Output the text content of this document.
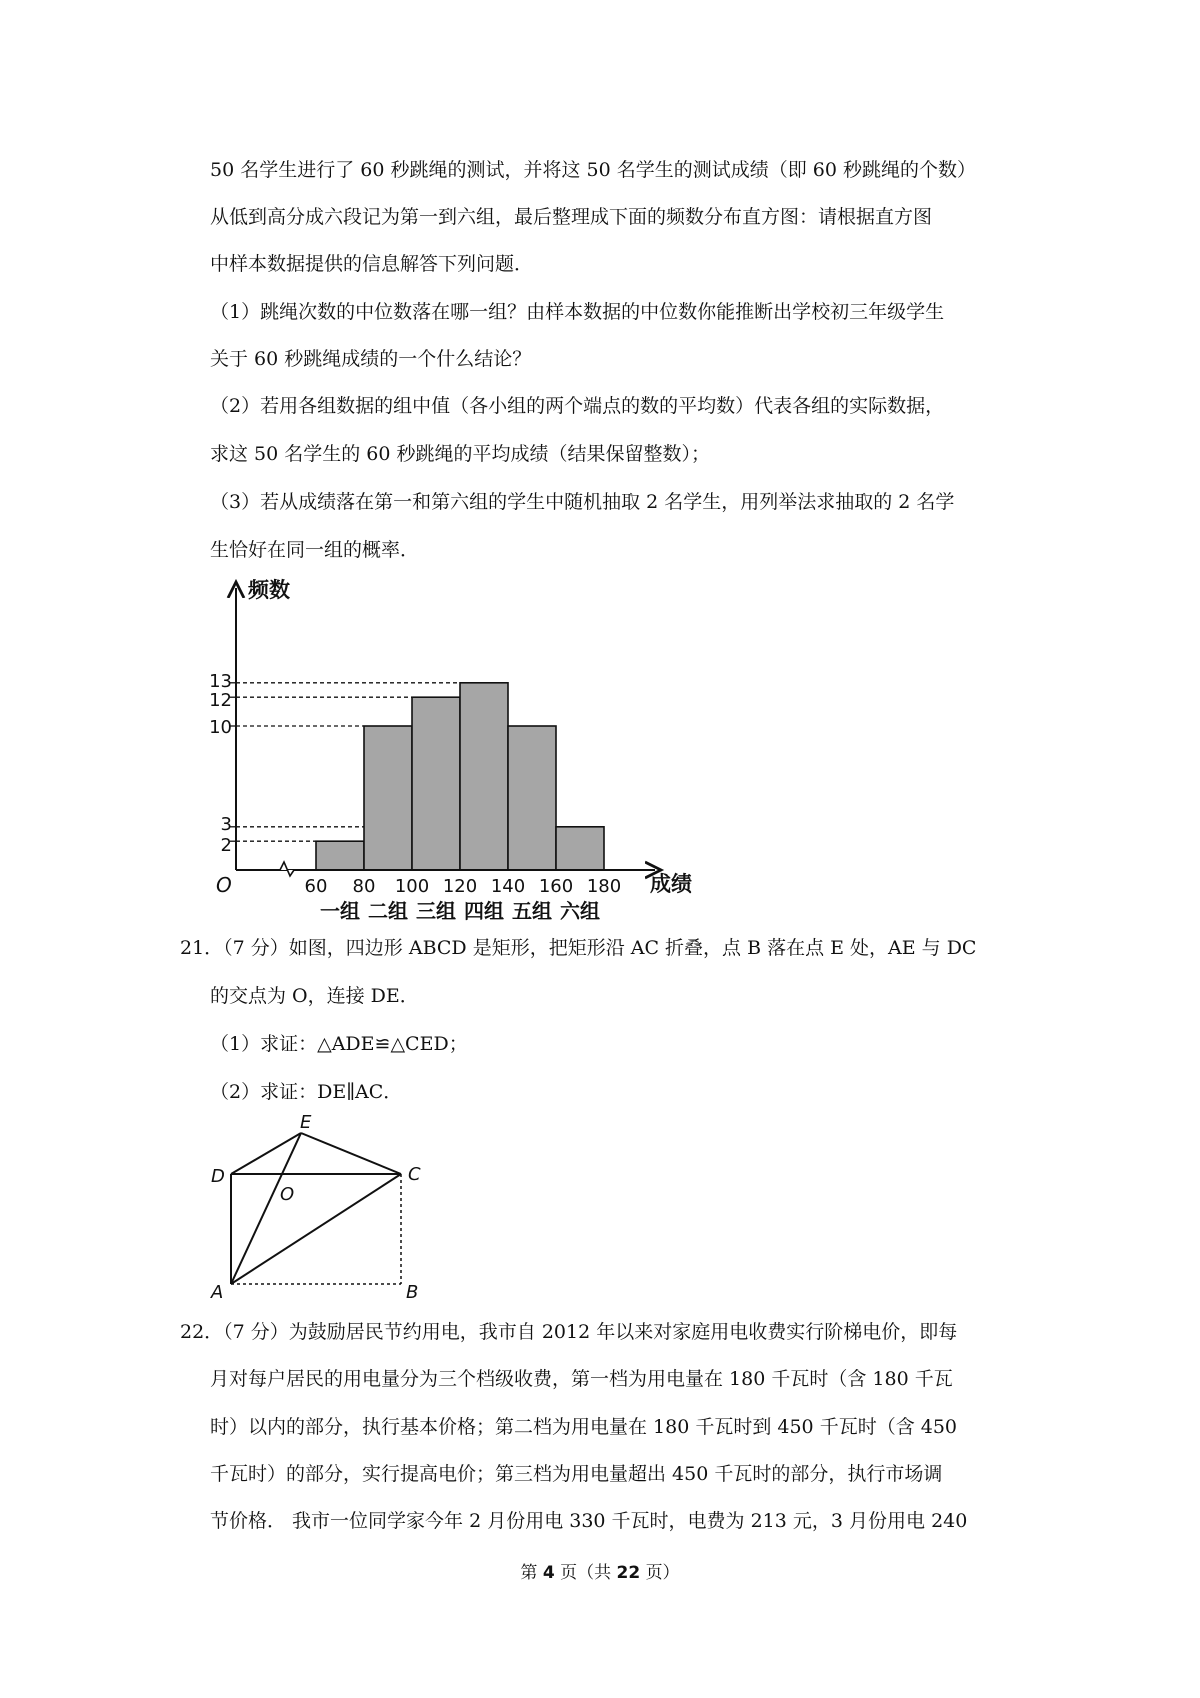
50 名学生进行了 60 秒跳绳的测试，并将这 50 名学生的测试成绩（即 60 秒跳绳的个数）
从低到高分成六段记为第一到六组，最后整理成下面的频数分布直方图：请根据直方图
中样本数据提供的信息解答下列问题．
（1）跳绳次数的中位数落在哪一组？由样本数据的中位数你能推断出学校初三年级学生
关于 60 秒跳绳成绩的一个什么结论？
（2）若用各组数据的组中值（各小组的两个端点的数的平均数）代表各组的实际数据，
求这 50 名学生的 60 秒跳绳的平均成绩（结果保留整数）；
（3）若从成绩落在第一和第六组的学生中随机抽取 2 名学生，用列举法求抽取的 2 名学
生恰好在同一组的概率．
频数
成绩
O
2
3
10
12
13
60 80 100 120 140 160 180
一组 二组 三组 四组 五组 六组
21．（7 分）如图，四边形 ABCD 是矩形，把矩形沿 AC 折叠，点 B 落在点 E 处，AE 与 DC
的交点为 O，连接 DE．
（1）求证：△ADE≌△CED；
（2）求证：DE∥AC．
E
D	C
O
A	B
22．（7 分）为鼓励居民节约用电，我市自 2012 年以来对家庭用电收费实行阶梯电价，即每
月对每户居民的用电量分为三个档级收费，第一档为用电量在 180 千瓦时（含 180 千瓦
时）以内的部分，执行基本价格；第二档为用电量在 180 千瓦时到 450 千瓦时（含 450
千瓦时）的部分，实行提高电价；第三档为用电量超出 450 千瓦时的部分，执行市场调
节价格． 我市一位同学家今年 2 月份用电 330 千瓦时，电费为 213 元，3 月份用电 240
第 4 页（共 22 页）
